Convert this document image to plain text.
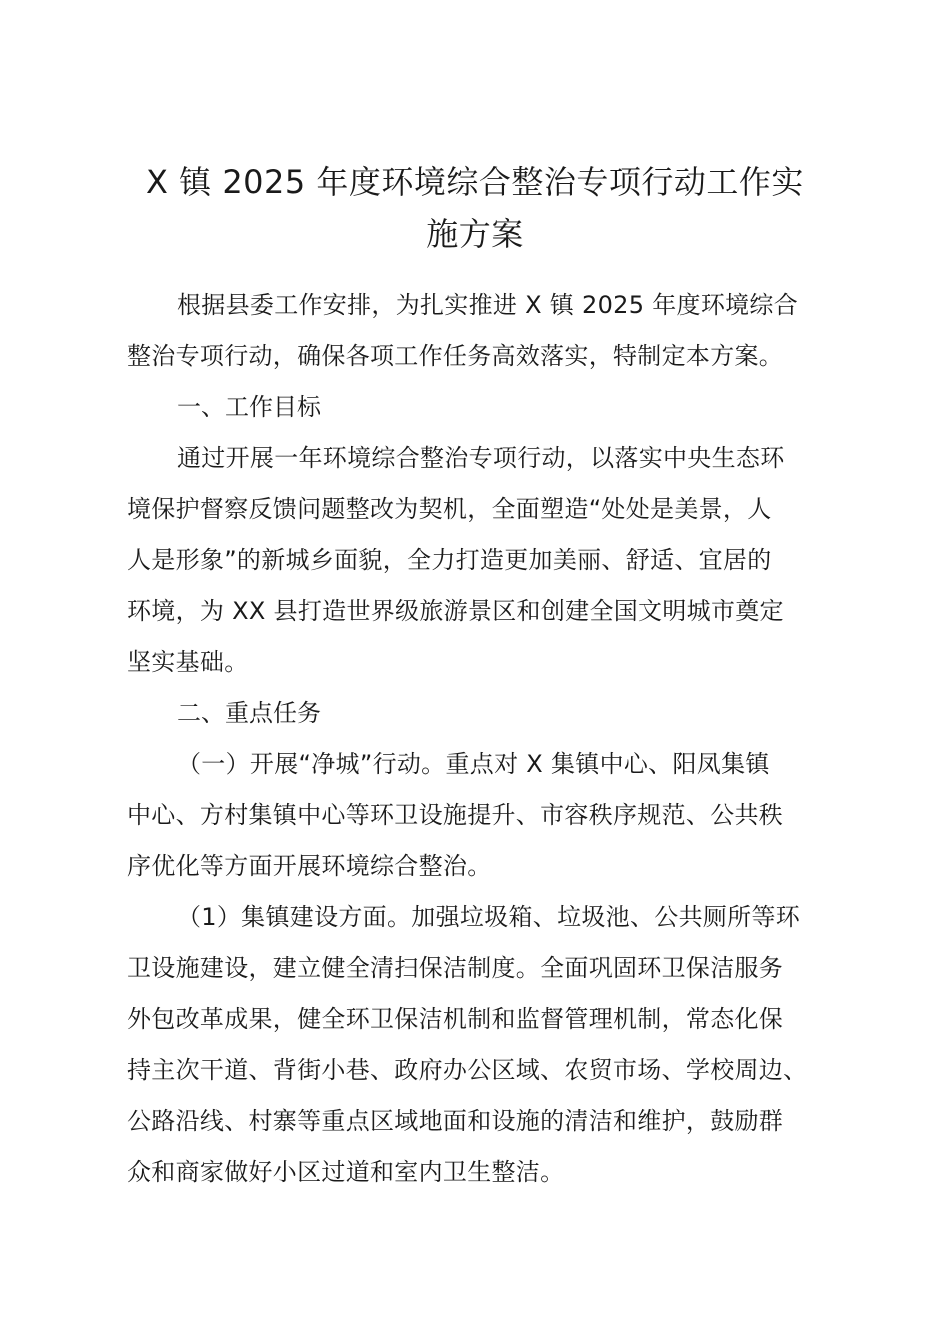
X 镇 2025 年度环境综合整治专项行动工作实
施方案

根据县委工作安排，为扎实推进 X 镇 2025 年度环境综合
整治专项行动，确保各项工作任务高效落实，特制定本方案。

一、工作目标

通过开展一年环境综合整治专项行动，以落实中央生态环
境保护督察反馈问题整改为契机，全面塑造“处处是美景，人
人是形象”的新城乡面貌，全力打造更加美丽、舒适、宜居的
环境，为 XX 县打造世界级旅游景区和创建全国文明城市奠定
坚实基础。

二、重点任务

（一）开展“净城”行动。重点对 X 集镇中心、阳凤集镇
中心、方村集镇中心等环卫设施提升、市容秩序规范、公共秩
序优化等方面开展环境综合整治。

（1）集镇建设方面。加强垃圾箱、垃圾池、公共厕所等环
卫设施建设，建立健全清扫保洁制度。全面巩固环卫保洁服务
外包改革成果，健全环卫保洁机制和监督管理机制，常态化保
持主次干道、背街小巷、政府办公区域、农贸市场、学校周边、
公路沿线、村寨等重点区域地面和设施的清洁和维护，鼓励群
众和商家做好小区过道和室内卫生整洁。
